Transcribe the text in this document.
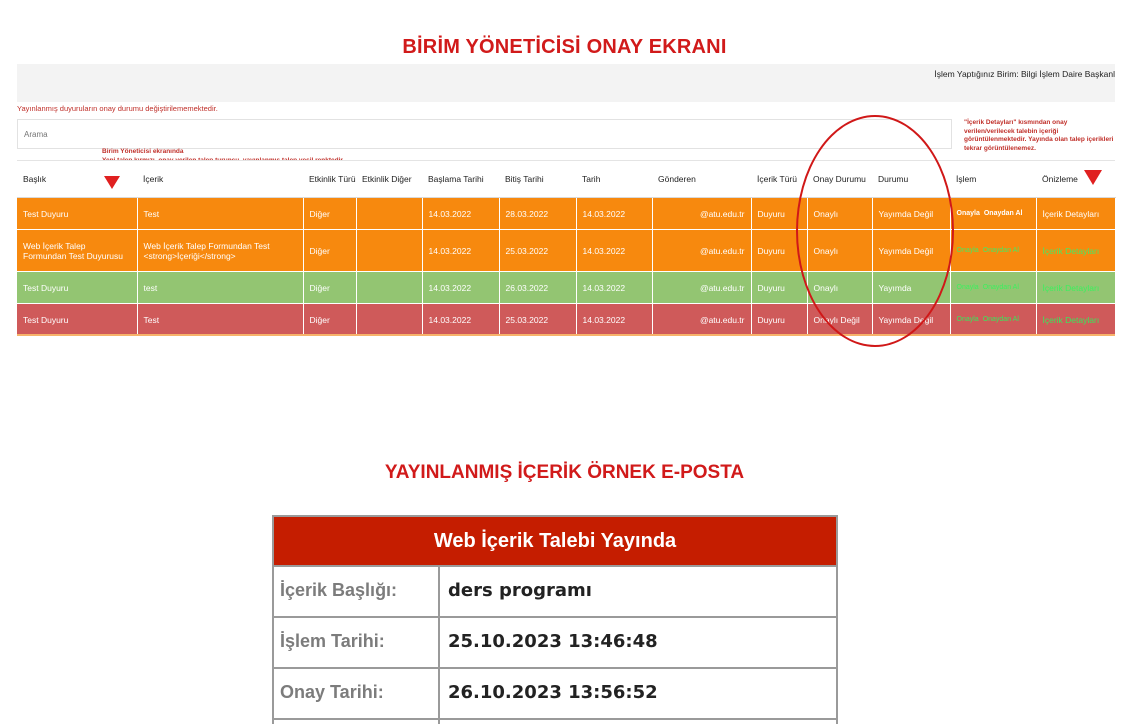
BİRİM YÖNETİCİSİ ONAY EKRANI
İşlem Yaptığınız Birim: Bilgi İşlem Daire Başkanl
Yayınlanmış duyuruların onay durumu değiştirilememektedir.
Arama
Birim Yöneticisi ekranında
"İçerik Detayları" kısmından onay verilen/verilecek talebin içeriği görüntülenmektedir. Yayında olan talep içerikleri tekrar görüntülenemez.
Başlık	İçerik	Etkinlik Türü	Etkinlik Diğer	Başlama Tarihi	Bitiş Tarihi	Tarih	Gönderen	İçerik Türü	Onay Durumu	Durumu	İşlem	Önizleme
Test Duyuru	Test	Diğer		14.03.2022	28.03.2022	14.03.2022	@atu.edu.tr	Duyuru	Onaylı	Yayımda Değil	Onayla Onaydan Al	İçerik Detayları
Web İçerik Talep Formundan Test Duyurusu	Web İçerik Talep Formundan Test <strong>İçeriği</strong>	Diğer		14.03.2022	25.03.2022	14.03.2022	@atu.edu.tr	Duyuru	Onaylı	Yayımda Değil	Onayla Onaydan Al	İçerik Detayları
Test Duyuru	test	Diğer		14.03.2022	26.03.2022	14.03.2022	@atu.edu.tr	Duyuru	Onaylı	Yayımda	Onayla Onaydan Al	İçerik Detayları
Test Duyuru	Test	Diğer		14.03.2022	25.03.2022	14.03.2022	@atu.edu.tr	Duyuru	Onaylı Değil	Yayımda Değil	Onayla Onaydan Al	İçerik Detayları
YAYINLANMIŞ İÇERİK ÖRNEK E-POSTA
Web İçerik Talebi Yayında
İçerik Başlığı:	ders programı
İşlem Tarihi:	25.10.2023 13:46:48
Onay Tarihi:	26.10.2023 13:56:52
